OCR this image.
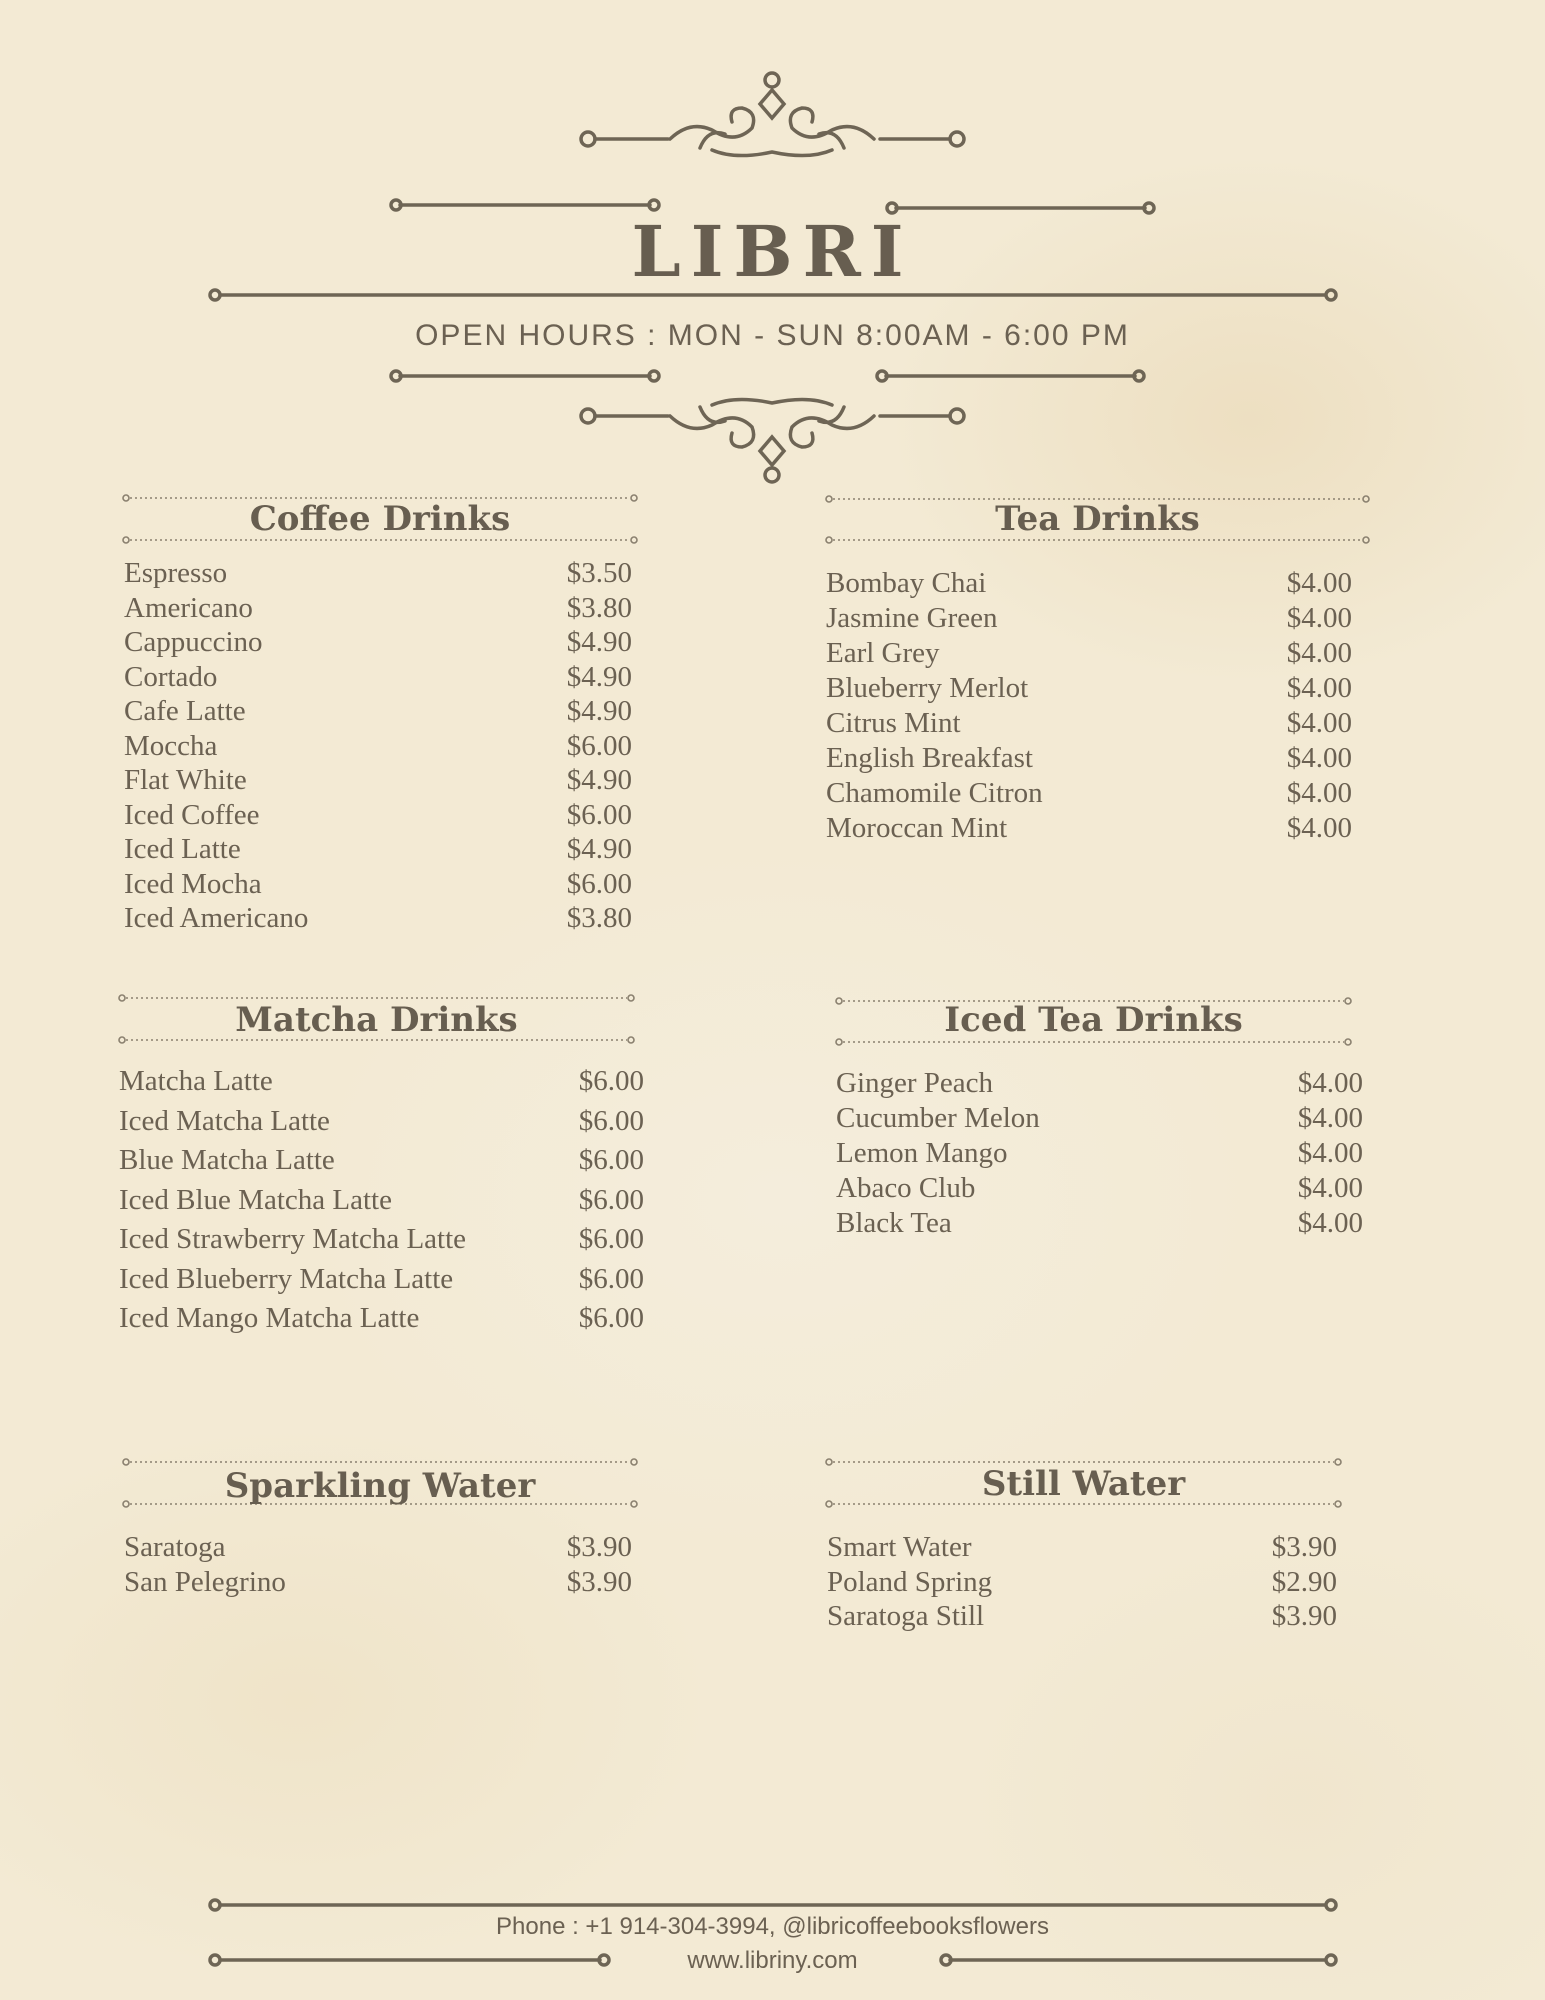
LIBRI
OPEN HOURS : MON - SUN 8:00AM - 6:00 PM
Coffee Drinks	Tea Drinks
Matcha Drinks	Iced Tea Drinks
Sparkling Water	Still Water
Phone : +1 914-304-3994, @libricoffeebooksflowers
www.libriny.com
Espresso	$3.50
Americano	$3.80
Cappuccino	$4.90
Cortado	$4.90
Cafe Latte	$4.90
Moccha	$6.00
Flat White	$4.90
Iced Coffee	$6.00
Iced Latte	$4.90
Iced Mocha	$6.00
Iced Americano	$3.80
Bombay Chai	$4.00
Jasmine Green	$4.00
Earl Grey	$4.00
Blueberry Merlot	$4.00
Citrus Mint	$4.00
English Breakfast	$4.00
Chamomile Citron	$4.00
Moroccan Mint	$4.00
Matcha Latte	$6.00
Iced Matcha Latte	$6.00
Blue Matcha Latte	$6.00
Iced Blue Matcha Latte	$6.00
Iced Strawberry Matcha Latte	$6.00
Iced Blueberry Matcha Latte	$6.00
Iced Mango Matcha Latte	$6.00
Ginger Peach	$4.00
Cucumber Melon	$4.00
Lemon Mango	$4.00
Abaco Club	$4.00
Black Tea	$4.00
Saratoga	$3.90
San Pelegrino	$3.90
Smart Water	$3.90
Poland Spring	$2.90
Saratoga Still	$3.90
